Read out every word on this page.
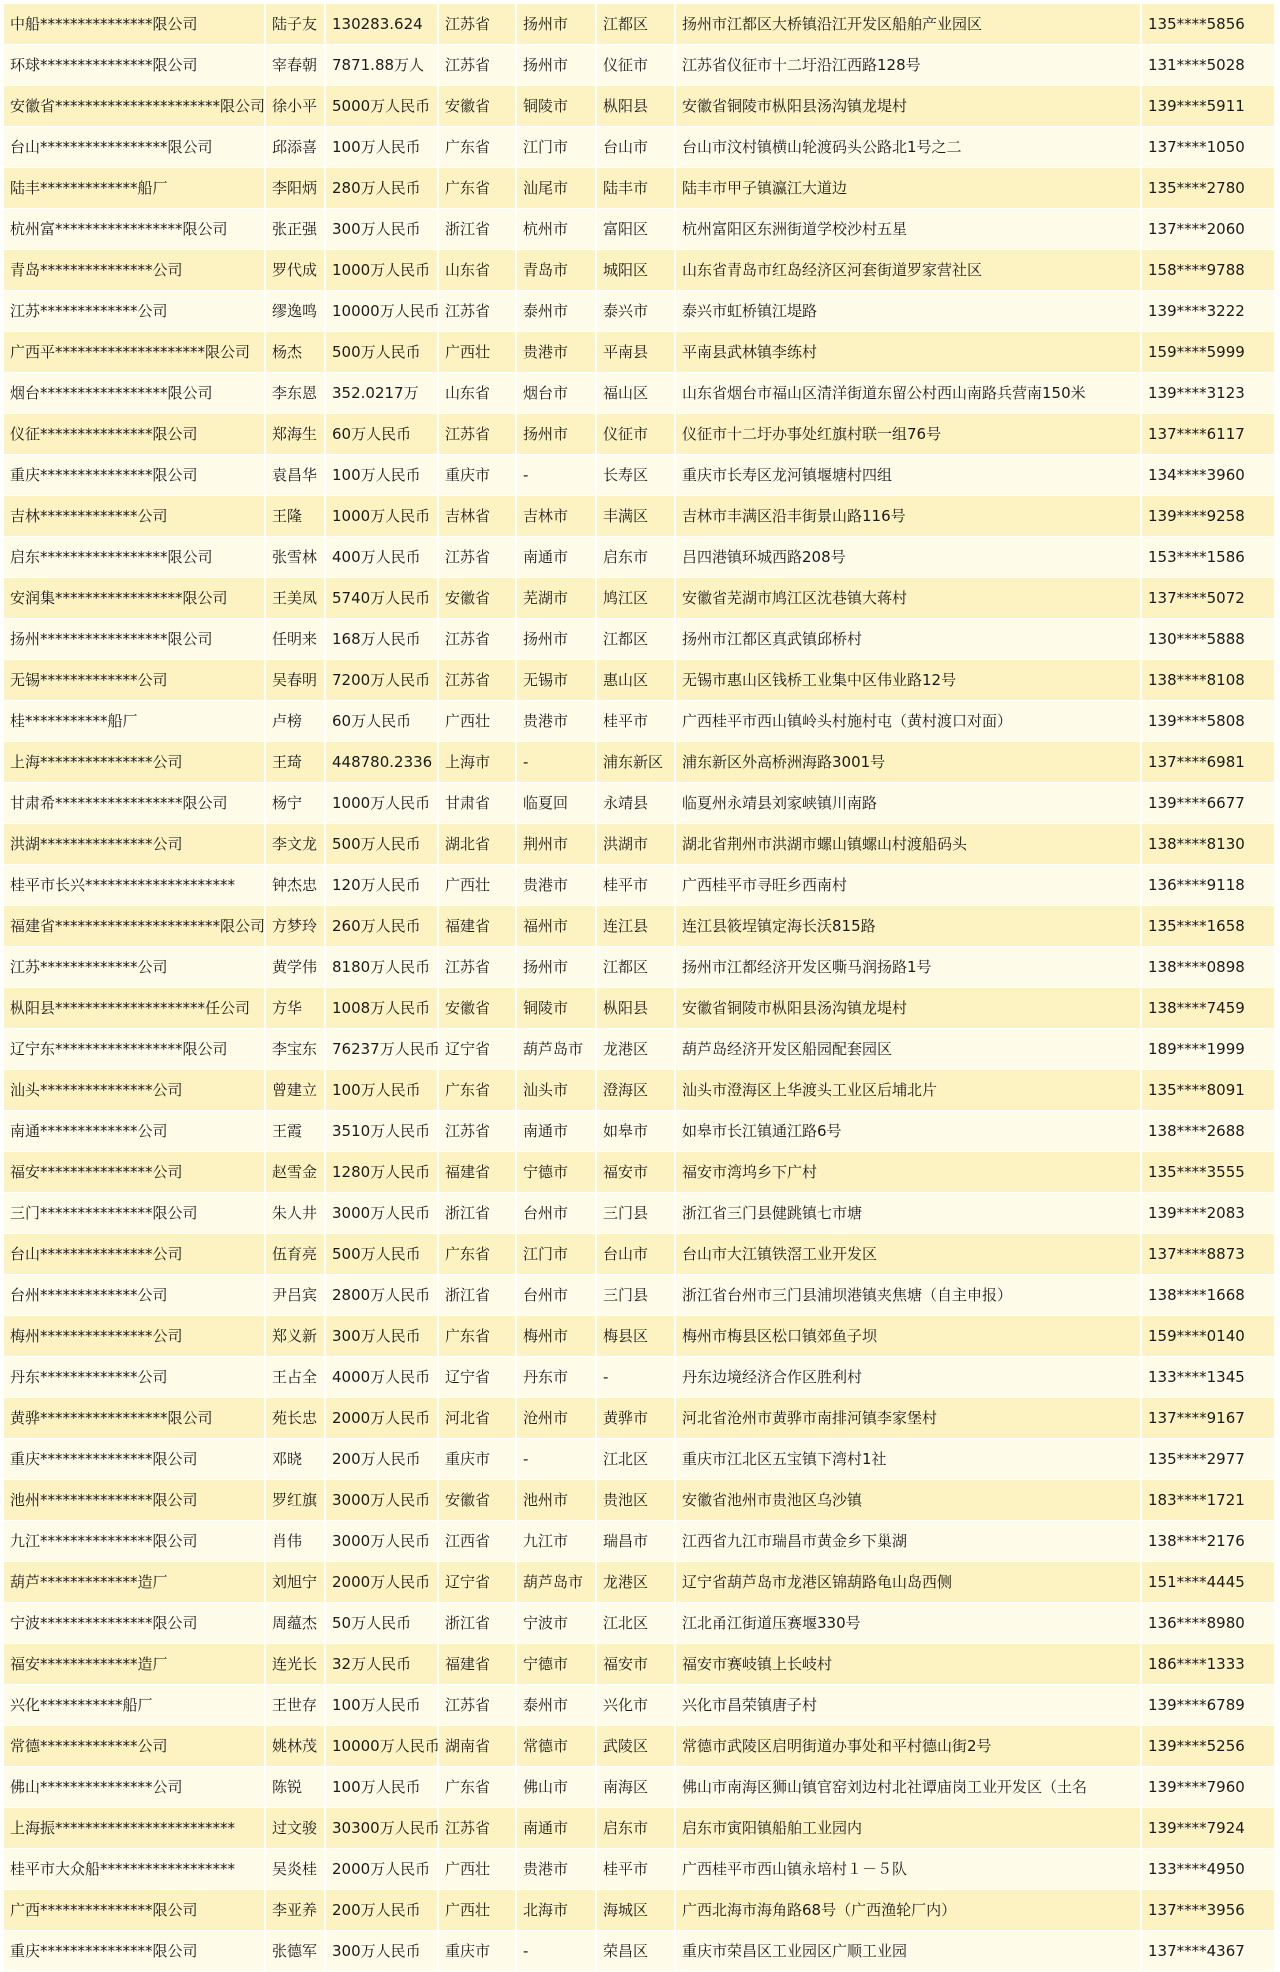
中船***************限公司	陆子友	130283.624	江苏省	扬州市	江都区	扬州市江都区大桥镇沿江开发区船舶产业园区	135****5856
环球***************限公司	宰春朝	7871.88万人	江苏省	扬州市	仪征市	江苏省仪征市十二圩沿江西路128号	131****5028
安徽省**********************限公司	徐小平	5000万人民币	安徽省	铜陵市	枞阳县	安徽省铜陵市枞阳县汤沟镇龙堤村	139****5911
台山*****************限公司	邱添喜	100万人民币	广东省	江门市	台山市	台山市汶村镇横山轮渡码头公路北1号之二	137****1050
陆丰*************船厂	李阳炳	280万人民币	广东省	汕尾市	陆丰市	陆丰市甲子镇瀛江大道边	135****2780
杭州富*****************限公司	张正强	300万人民币	浙江省	杭州市	富阳区	杭州富阳区东洲街道学校沙村五星	137****2060
青岛***************公司	罗代成	1000万人民币	山东省	青岛市	城阳区	山东省青岛市红岛经济区河套街道罗家营社区	158****9788
江苏*************公司	缪逸鸣	10000万人民币	江苏省	泰州市	泰兴市	泰兴市虹桥镇江堤路	139****3222
广西平********************限公司	杨杰	500万人民币	广西壮	贵港市	平南县	平南县武林镇李练村	159****5999
烟台*****************限公司	李东恩	352.0217万	山东省	烟台市	福山区	山东省烟台市福山区清洋街道东留公村西山南路兵营南150米	139****3123
仪征***************限公司	郑海生	60万人民币	江苏省	扬州市	仪征市	仪征市十二圩办事处红旗村联一组76号	137****6117
重庆***************限公司	袁昌华	100万人民币	重庆市	-	长寿区	重庆市长寿区龙河镇堰塘村四组	134****3960
吉林*************公司	王隆	1000万人民币	吉林省	吉林市	丰满区	吉林市丰满区沿丰街景山路116号	139****9258
启东*****************限公司	张雪林	400万人民币	江苏省	南通市	启东市	吕四港镇环城西路208号	153****1586
安润集*****************限公司	王美凤	5740万人民币	安徽省	芜湖市	鸠江区	安徽省芜湖市鸠江区沈巷镇大蒋村	137****5072
扬州*****************限公司	任明来	168万人民币	江苏省	扬州市	江都区	扬州市江都区真武镇邱桥村	130****5888
无锡*************公司	吴春明	7200万人民币	江苏省	无锡市	惠山区	无锡市惠山区钱桥工业集中区伟业路12号	138****8108
桂***********船厂	卢榜	60万人民币	广西壮	贵港市	桂平市	广西桂平市西山镇岭头村施村屯（黄村渡口对面）	139****5808
上海***************公司	王琦	448780.2336	上海市	-	浦东新区	浦东新区外高桥洲海路3001号	137****6981
甘肃希*****************限公司	杨宁	1000万人民币	甘肃省	临夏回	永靖县	临夏州永靖县刘家峡镇川南路	139****6677
洪湖***************公司	李文龙	500万人民币	湖北省	荆州市	洪湖市	湖北省荆州市洪湖市螺山镇螺山村渡船码头	138****8130
桂平市长兴********************	钟杰忠	120万人民币	广西壮	贵港市	桂平市	广西桂平市寻旺乡西南村	136****9118
福建省**********************限公司	方梦玲	260万人民币	福建省	福州市	连江县	连江县筱埕镇定海长沃815路	135****1658
江苏*************公司	黄学伟	8180万人民币	江苏省	扬州市	江都区	扬州市江都经济开发区嘶马润扬路1号	138****0898
枞阳县********************任公司	方华	1008万人民币	安徽省	铜陵市	枞阳县	安徽省铜陵市枞阳县汤沟镇龙堤村	138****7459
辽宁东*****************限公司	李宝东	76237万人民币	辽宁省	葫芦岛市	龙港区	葫芦岛经济开发区船园配套园区	189****1999
汕头***************公司	曾建立	100万人民币	广东省	汕头市	澄海区	汕头市澄海区上华渡头工业区后埔北片	135****8091
南通*************公司	王霞	3510万人民币	江苏省	南通市	如皋市	如皋市长江镇通江路6号	138****2688
福安***************公司	赵雪金	1280万人民币	福建省	宁德市	福安市	福安市湾坞乡下广村	135****3555
三门***************限公司	朱人井	3000万人民币	浙江省	台州市	三门县	浙江省三门县健跳镇七市塘	139****2083
台山***************公司	伍育亮	500万人民币	广东省	江门市	台山市	台山市大江镇铁滘工业开发区	137****8873
台州*************公司	尹吕宾	2800万人民币	浙江省	台州市	三门县	浙江省台州市三门县浦坝港镇夹焦塘（自主申报）	138****1668
梅州***************公司	郑义新	300万人民币	广东省	梅州市	梅县区	梅州市梅县区松口镇郊鱼子坝	159****0140
丹东*************公司	王占全	4000万人民币	辽宁省	丹东市	-	丹东边境经济合作区胜利村	133****1345
黄骅*****************限公司	苑长忠	2000万人民币	河北省	沧州市	黄骅市	河北省沧州市黄骅市南排河镇李家堡村	137****9167
重庆***************限公司	邓晓	200万人民币	重庆市	-	江北区	重庆市江北区五宝镇下湾村1社	135****2977
池州***************限公司	罗红旗	3000万人民币	安徽省	池州市	贵池区	安徽省池州市贵池区乌沙镇	183****1721
九江***************限公司	肖伟	3000万人民币	江西省	九江市	瑞昌市	江西省九江市瑞昌市黄金乡下巢湖	138****2176
葫芦*************造厂	刘旭宁	2000万人民币	辽宁省	葫芦岛市	龙港区	辽宁省葫芦岛市龙港区锦葫路龟山岛西侧	151****4445
宁波***************限公司	周蕴杰	50万人民币	浙江省	宁波市	江北区	江北甬江街道压赛堰330号	136****8980
福安*************造厂	连光长	32万人民币	福建省	宁德市	福安市	福安市赛岐镇上长岐村	186****1333
兴化***********船厂	王世存	100万人民币	江苏省	泰州市	兴化市	兴化市昌荣镇唐子村	139****6789
常德*************公司	姚林茂	10000万人民币	湖南省	常德市	武陵区	常德市武陵区启明街道办事处和平村德山街2号	139****5256
佛山***************公司	陈锐	100万人民币	广东省	佛山市	南海区	佛山市南海区狮山镇官窑刘边村北社谭庙岗工业开发区（土名	139****7960
上海振************************	过文骏	30300万人民币	江苏省	南通市	启东市	启东市寅阳镇船舶工业园内	139****7924
桂平市大众船******************	吴炎桂	2000万人民币	广西壮	贵港市	桂平市	广西桂平市西山镇永培村１－５队	133****4950
广西***************限公司	李亚养	200万人民币	广西壮	北海市	海城区	广西北海市海角路68号（广西渔轮厂内）	137****3956
重庆***************限公司	张德军	300万人民币	重庆市	-	荣昌区	重庆市荣昌区工业园区广顺工业园	137****4367
